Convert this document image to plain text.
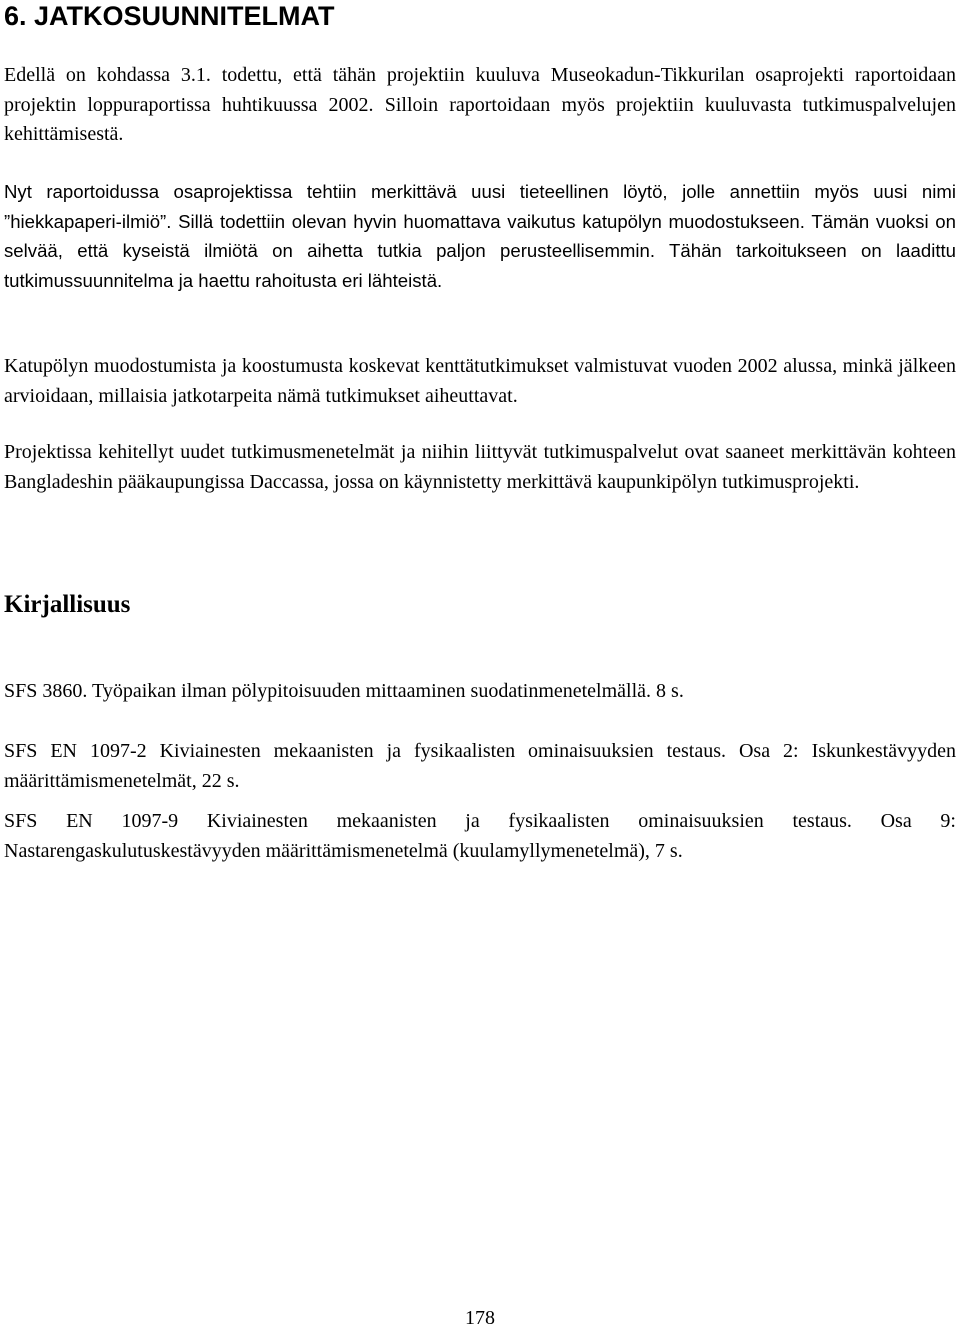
6. JATKOSUUNNITELMAT

Edellä on kohdassa 3.1. todettu, että tähän projektiin kuuluva Museokadun-Tikkurilan osaprojekti raportoidaan projektin loppuraportissa huhtikuussa 2002. Silloin raportoidaan myös projektiin kuuluvasta tutkimuspalvelujen kehittämisestä.

Nyt raportoidussa osaprojektissa tehtiin merkittävä uusi tieteellinen löytö, jolle annettiin myös uusi nimi ”hiekkapaperi-ilmiö”. Sillä todettiin olevan hyvin huomattava vaikutus katupölyn muodostukseen. Tämän vuoksi on selvää, että kyseistä ilmiötä on aihetta tutkia paljon perusteellisemmin. Tähän tarkoitukseen on laadittu tutkimussuunnitelma ja haettu rahoitusta eri lähteistä.

Katupölyn muodostumista ja koostumusta koskevat kenttätutkimukset valmistuvat vuoden 2002 alussa, minkä jälkeen arvioidaan, millaisia jatkotarpeita nämä tutkimukset aiheuttavat.

Projektissa kehitellyt uudet tutkimusmenetelmät ja niihin liittyvät tutkimuspalvelut ovat saaneet merkittävän kohteen Bangladeshin pääkaupungissa Daccassa, jossa on käynnistetty merkittävä kaupunkipölyn tutkimusprojekti.

Kirjallisuus

SFS 3860. Työpaikan ilman pölypitoisuuden mittaaminen suodatinmenetelmällä. 8 s.

SFS EN 1097-2 Kiviainesten mekaanisten ja fysikaalisten ominaisuuksien testaus. Osa 2: Iskunkestävyyden määrittämismenetelmät, 22 s.

SFS EN 1097-9 Kiviainesten mekaanisten ja fysikaalisten ominaisuuksien testaus. Osa 9: Nastarengaskulutuskestävyyden määrittämismenetelmä (kuulamyllymenetelmä), 7 s.

178
